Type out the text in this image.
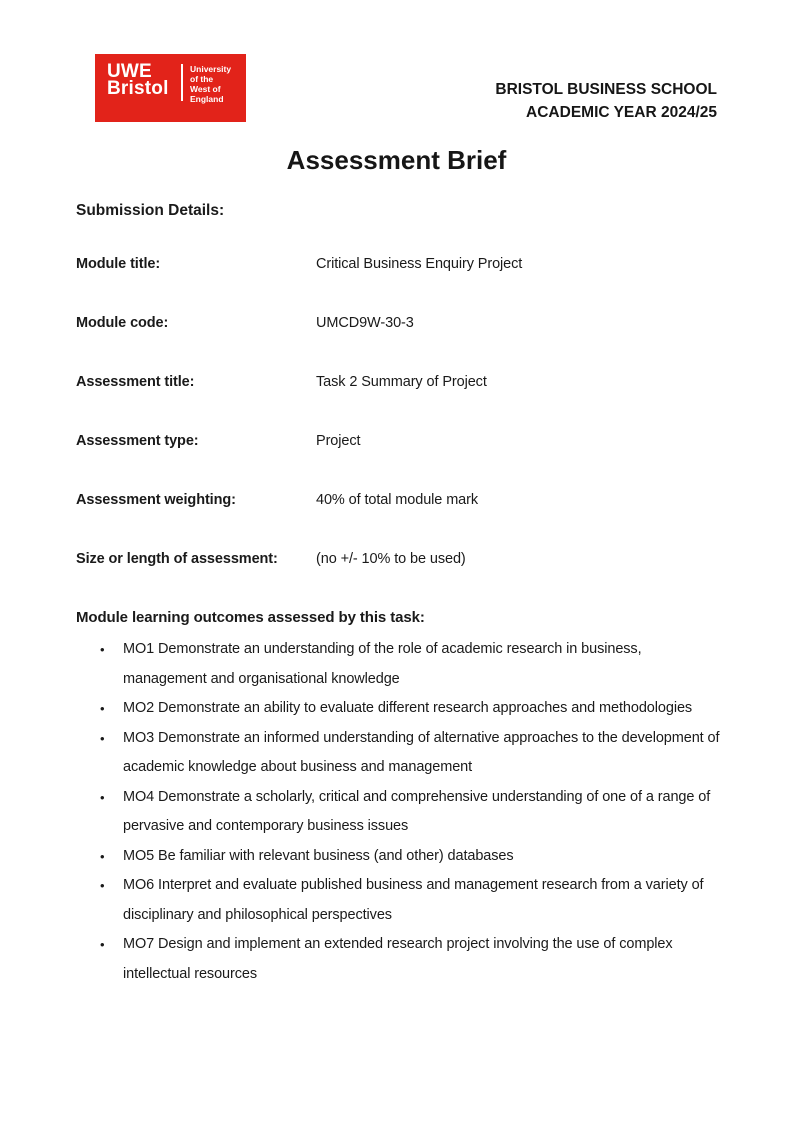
UWE
Bristol
University
of the
West of
England
BRISTOL BUSINESS SCHOOL
ACADEMIC YEAR 2024/25
Assessment Brief
Submission Details:
Module title:	Critical Business Enquiry Project
Module code:	UMCD9W-30-3
Assessment title:	Task 2 Summary of Project
Assessment type:	Project
Assessment weighting:	40% of total module mark
Size or length of assessment:	(no +/- 10% to be used)
Module learning outcomes assessed by this task:
• MO1 Demonstrate an understanding of the role of academic research in business, management and organisational knowledge
• MO2 Demonstrate an ability to evaluate different research approaches and methodologies
• MO3 Demonstrate an informed understanding of alternative approaches to the development of academic knowledge about business and management
• MO4 Demonstrate a scholarly, critical and comprehensive understanding of one of a range of pervasive and contemporary business issues
• MO5 Be familiar with relevant business (and other) databases
• MO6 Interpret and evaluate published business and management research from a variety of disciplinary and philosophical perspectives
• MO7 Design and implement an extended research project involving the use of complex intellectual resources
